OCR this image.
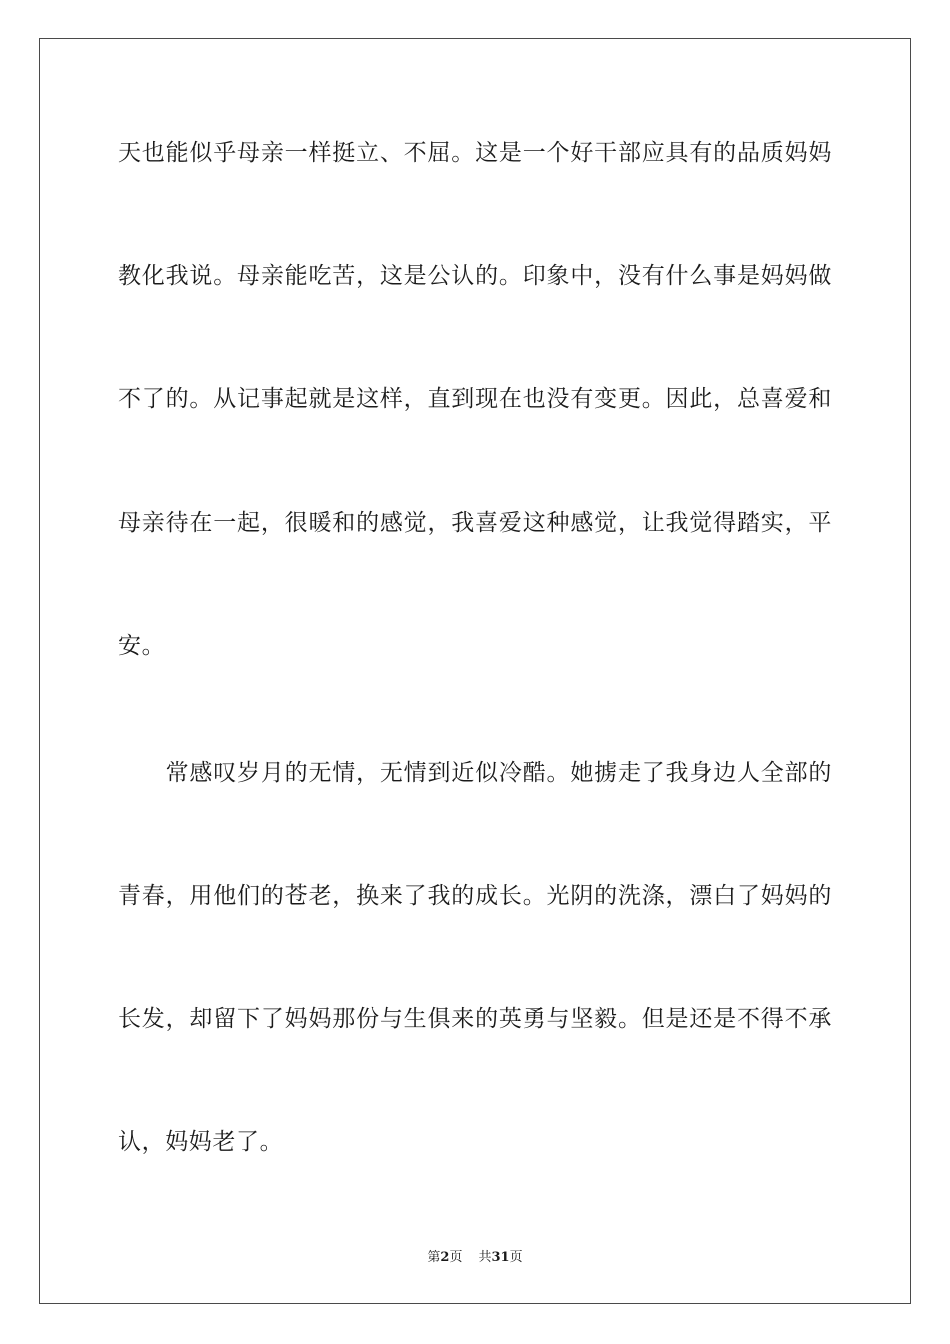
天也能似乎母亲一样挺立、不屈。这是一个好干部应具有的品质妈妈
教化我说。母亲能吃苦，这是公认的。印象中，没有什么事是妈妈做
不了的。从记事起就是这样，直到现在也没有变更。因此，总喜爱和
母亲待在一起，很暖和的感觉，我喜爱这种感觉，让我觉得踏实，平
安。
　　常感叹岁月的无情，无情到近似冷酷。她掳走了我身边人全部的
青春，用他们的苍老，换来了我的成长。光阴的洗涤，漂白了妈妈的
长发，却留下了妈妈那份与生俱来的英勇与坚毅。但是还是不得不承
认，妈妈老了。
第2页 共31页
